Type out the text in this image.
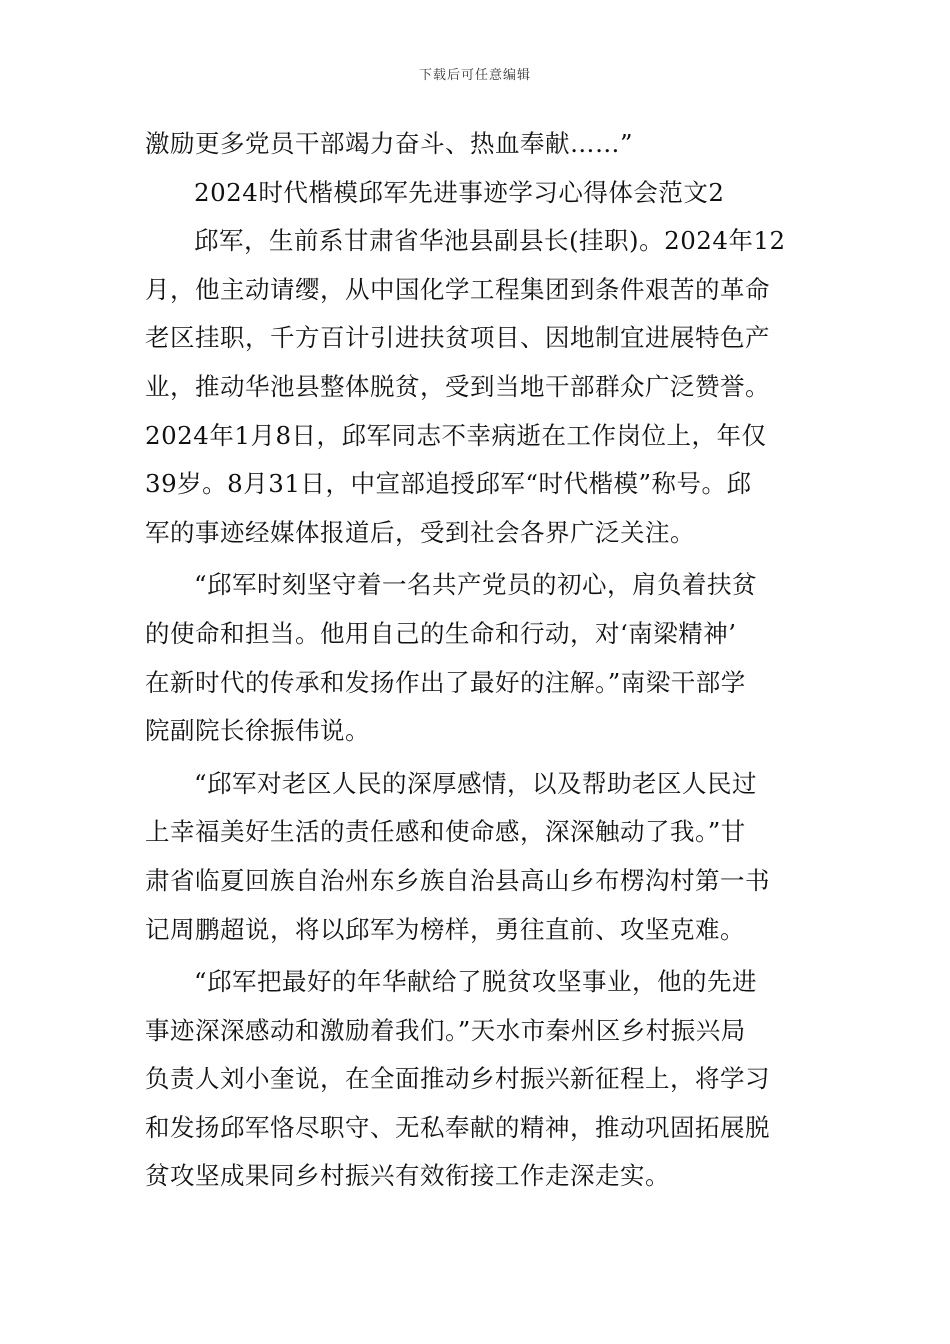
下载后可任意编辑
激励更多党员干部竭力奋斗、热血奉献……”
2024时代楷模邱军先进事迹学习心得体会范文2
邱军，生前系甘肃省华池县副县长(挂职)。2024年12
月，他主动请缨，从中国化学工程集团到条件艰苦的革命
老区挂职，千方百计引进扶贫项目、因地制宜进展特色产
业，推动华池县整体脱贫，受到当地干部群众广泛赞誉。
2024年1月8日，邱军同志不幸病逝在工作岗位上，年仅
39岁。8月31日，中宣部追授邱军“时代楷模”称号。邱
军的事迹经媒体报道后，受到社会各界广泛关注。
“邱军时刻坚守着一名共产党员的初心，肩负着扶贫
的使命和担当。他用自己的生命和行动，对‘南梁精神’
在新时代的传承和发扬作出了最好的注解。”南梁干部学
院副院长徐振伟说。
“邱军对老区人民的深厚感情，以及帮助老区人民过
上幸福美好生活的责任感和使命感，深深触动了我。”甘
肃省临夏回族自治州东乡族自治县高山乡布楞沟村第一书
记周鹏超说，将以邱军为榜样，勇往直前、攻坚克难。
“邱军把最好的年华献给了脱贫攻坚事业，他的先进
事迹深深感动和激励着我们。”天水市秦州区乡村振兴局
负责人刘小奎说，在全面推动乡村振兴新征程上，将学习
和发扬邱军恪尽职守、无私奉献的精神，推动巩固拓展脱
贫攻坚成果同乡村振兴有效衔接工作走深走实。
